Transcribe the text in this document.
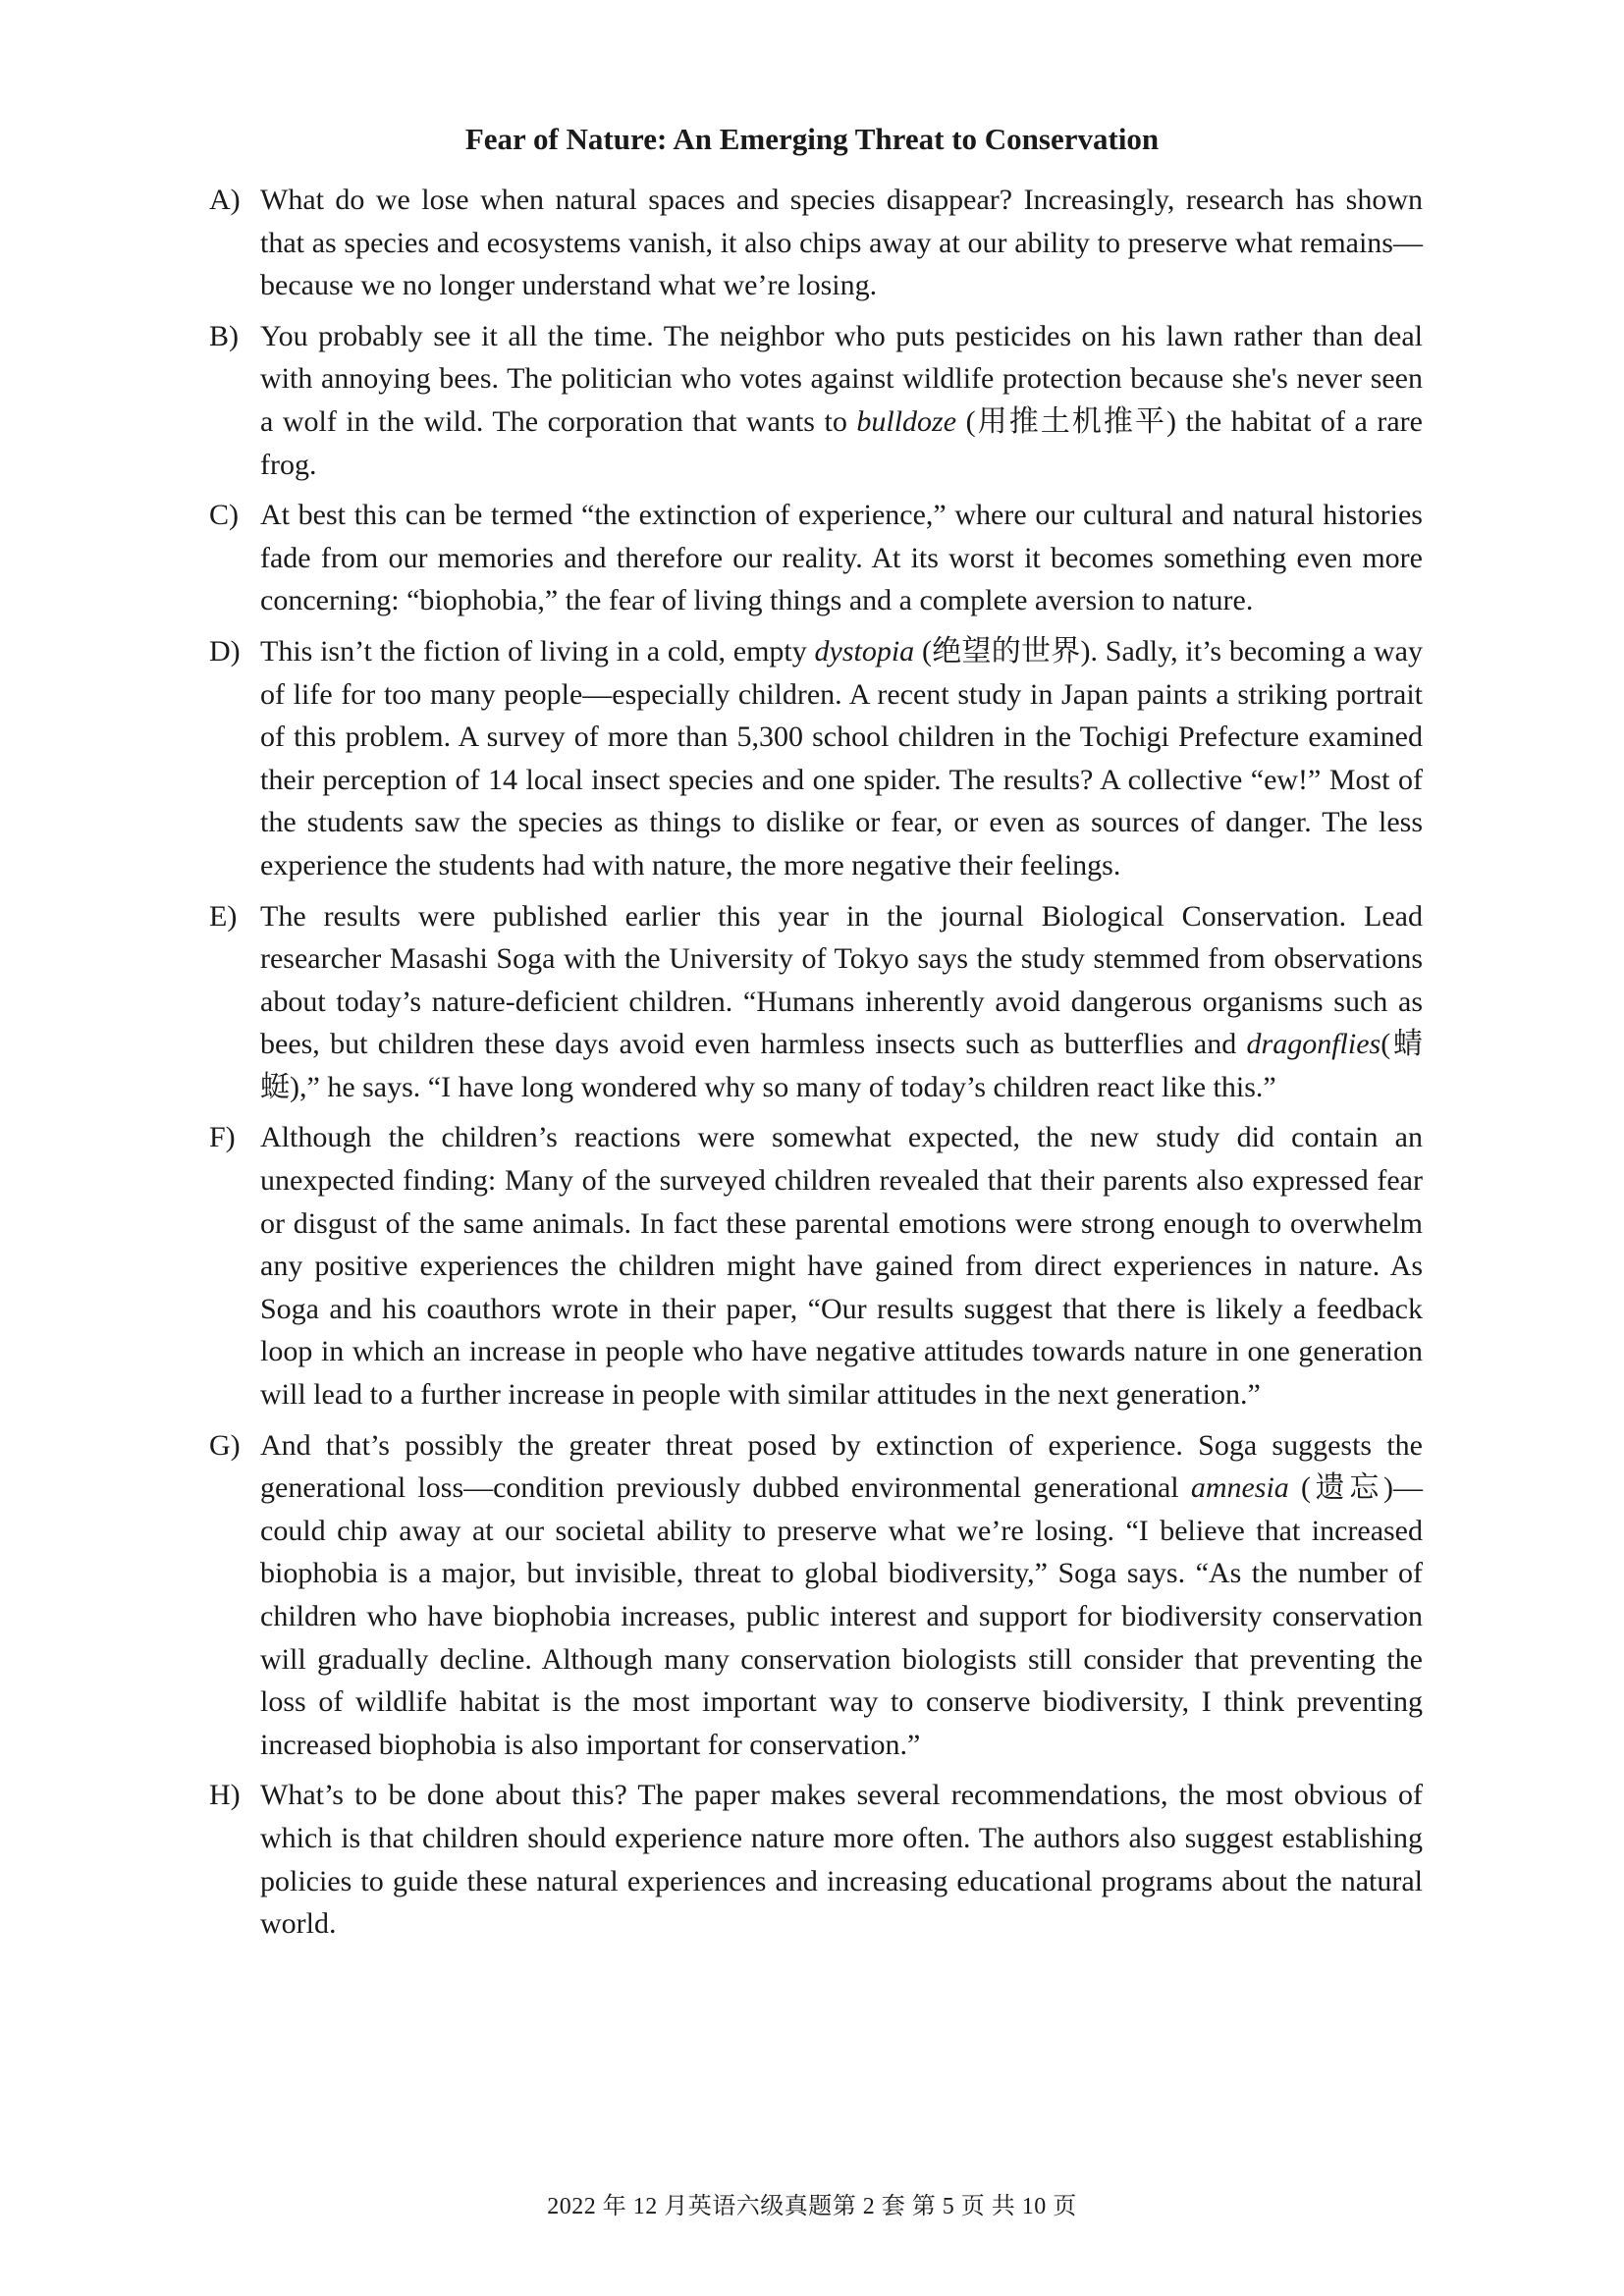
Fear of Nature: An Emerging Threat to Conservation
A) What do we lose when natural spaces and species disappear? Increasingly, research has shown that as species and ecosystems vanish, it also chips away at our ability to preserve what remains—because we no longer understand what we’re losing.
B) You probably see it all the time. The neighbor who puts pesticides on his lawn rather than deal with annoying bees. The politician who votes against wildlife protection because she's never seen a wolf in the wild. The corporation that wants to bulldoze (用推土机推平) the habitat of a rare frog.
C) At best this can be termed “the extinction of experience,” where our cultural and natural histories fade from our memories and therefore our reality. At its worst it becomes something even more concerning: “biophobia,” the fear of living things and a complete aversion to nature.
D) This isn’t the fiction of living in a cold, empty dystopia (绝望的世界). Sadly, it’s becoming a way of life for too many people—especially children. A recent study in Japan paints a striking portrait of this problem. A survey of more than 5,300 school children in the Tochigi Prefecture examined their perception of 14 local insect species and one spider. The results? A collective “ew!” Most of the students saw the species as things to dislike or fear, or even as sources of danger. The less experience the students had with nature, the more negative their feelings.
E) The results were published earlier this year in the journal Biological Conservation. Lead researcher Masashi Soga with the University of Tokyo says the study stemmed from observations about today’s nature-deficient children. “Humans inherently avoid dangerous organisms such as bees, but children these days avoid even harmless insects such as butterflies and dragonflies(蜻蜓),” he says. “I have long wondered why so many of today’s children react like this.”
F) Although the children’s reactions were somewhat expected, the new study did contain an unexpected finding: Many of the surveyed children revealed that their parents also expressed fear or disgust of the same animals. In fact these parental emotions were strong enough to overwhelm any positive experiences the children might have gained from direct experiences in nature. As Soga and his coauthors wrote in their paper, “Our results suggest that there is likely a feedback loop in which an increase in people who have negative attitudes towards nature in one generation will lead to a further increase in people with similar attitudes in the next generation.”
G) And that’s possibly the greater threat posed by extinction of experience. Soga suggests the generational loss—condition previously dubbed environmental generational amnesia (遗忘)—could chip away at our societal ability to preserve what we’re losing. “I believe that increased biophobia is a major, but invisible, threat to global biodiversity,” Soga says. “As the number of children who have biophobia increases, public interest and support for biodiversity conservation will gradually decline. Although many conservation biologists still consider that preventing the loss of wildlife habitat is the most important way to conserve biodiversity, I think preventing increased biophobia is also important for conservation.”
H) What’s to be done about this? The paper makes several recommendations, the most obvious of which is that children should experience nature more often. The authors also suggest establishing policies to guide these natural experiences and increasing educational programs about the natural world.
2022 年 12 月英语六级真题第 2 套 第 5 页 共 10 页
